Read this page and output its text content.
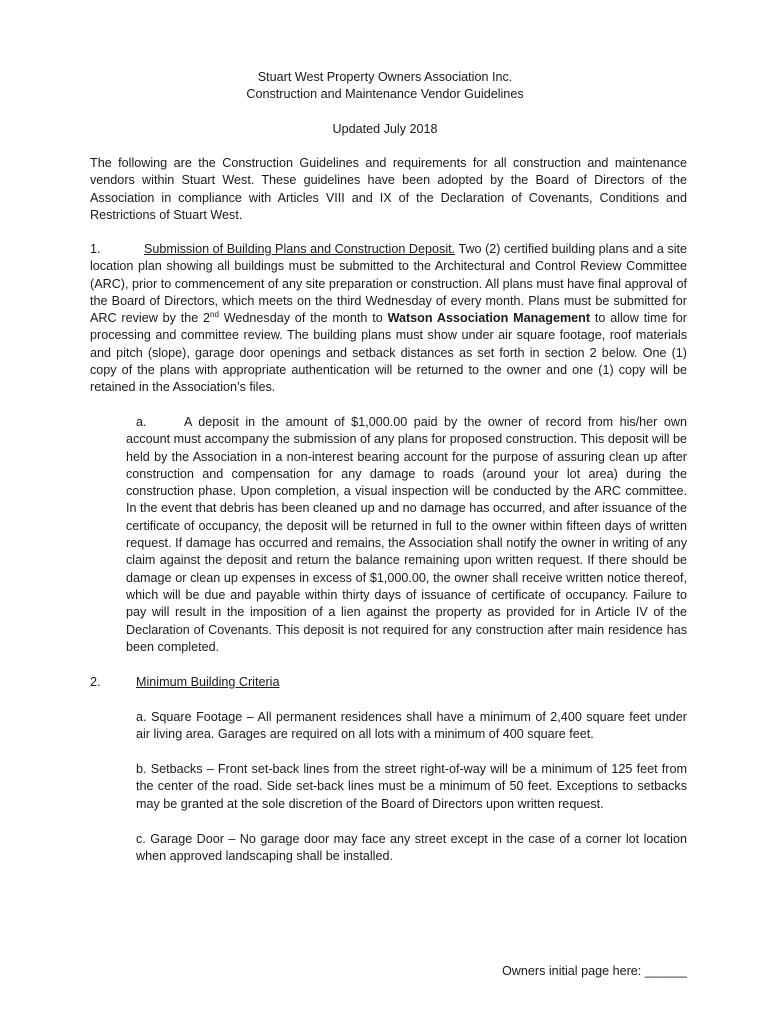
Stuart West Property Owners Association Inc.
Construction and Maintenance Vendor Guidelines
Updated July 2018
The following are the Construction Guidelines and requirements for all construction and maintenance vendors within Stuart West. These guidelines have been adopted by the Board of Directors of the Association in compliance with Articles VIII and IX of the Declaration of Covenants, Conditions and Restrictions of Stuart West.
1.	Submission of Building Plans and Construction Deposit. Two (2) certified building plans and a site location plan showing all buildings must be submitted to the Architectural and Control Review Committee (ARC), prior to commencement of any site preparation or construction. All plans must have final approval of the Board of Directors, which meets on the third Wednesday of every month. Plans must be submitted for ARC review by the 2nd Wednesday of the month to Watson Association Management to allow time for processing and committee review. The building plans must show under air square footage, roof materials and pitch (slope), garage door openings and setback distances as set forth in section 2 below. One (1) copy of the plans with appropriate authentication will be returned to the owner and one (1) copy will be retained in the Association’s files.
a.	A deposit in the amount of $1,000.00 paid by the owner of record from his/her own account must accompany the submission of any plans for proposed construction. This deposit will be held by the Association in a non-interest bearing account for the purpose of assuring clean up after construction and compensation for any damage to roads (around your lot area) during the construction phase. Upon completion, a visual inspection will be conducted by the ARC committee. In the event that debris has been cleaned up and no damage has occurred, and after issuance of the certificate of occupancy, the deposit will be returned in full to the owner within fifteen days of written request. If damage has occurred and remains, the Association shall notify the owner in writing of any claim against the deposit and return the balance remaining upon written request. If there should be damage or clean up expenses in excess of $1,000.00, the owner shall receive written notice thereof, which will be due and payable within thirty days of issuance of certificate of occupancy. Failure to pay will result in the imposition of a lien against the property as provided for in Article IV of the Declaration of Covenants. This deposit is not required for any construction after main residence has been completed.
2.	Minimum Building Criteria
a. Square Footage – All permanent residences shall have a minimum of 2,400 square feet under air living area. Garages are required on all lots with a minimum of 400 square feet.
b. Setbacks – Front set-back lines from the street right-of-way will be a minimum of 125 feet from the center of the road. Side set-back lines must be a minimum of 50 feet. Exceptions to setbacks may be granted at the sole discretion of the Board of Directors upon written request.
c. Garage Door – No garage door may face any street except in the case of a corner lot location when approved landscaping shall be installed.
Owners initial page here: ______
